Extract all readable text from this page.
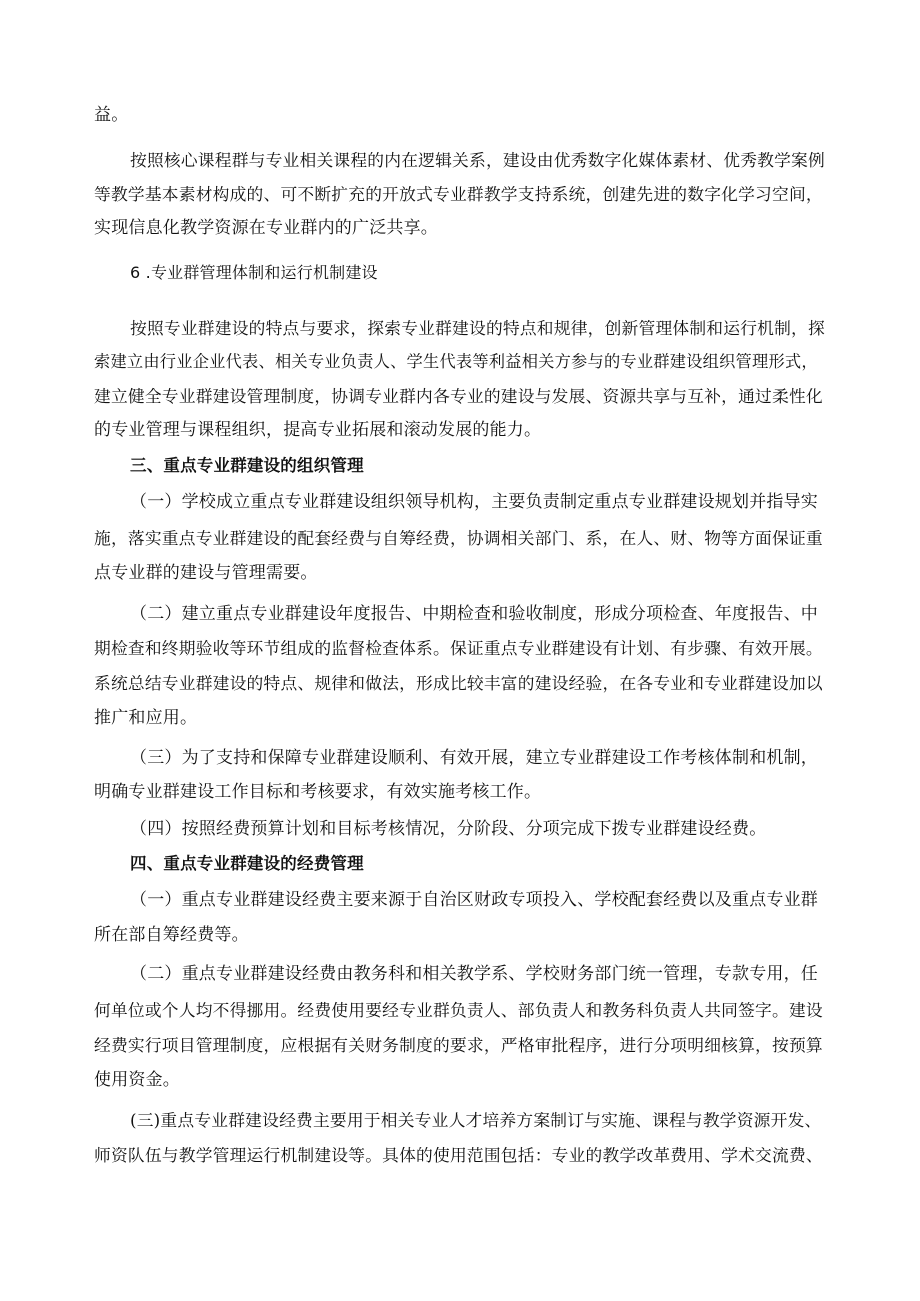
益。
按照核心课程群与专业相关课程的内在逻辑关系，建设由优秀数字化媒体素材、优秀教学案例
等教学基本素材构成的、可不断扩充的开放式专业群教学支持系统，创建先进的数字化学习空间，
实现信息化教学资源在专业群内的广泛共享。
6 .专业群管理体制和运行机制建设
按照专业群建设的特点与要求，探索专业群建设的特点和规律，创新管理体制和运行机制，探
索建立由行业企业代表、相关专业负责人、学生代表等利益相关方参与的专业群建设组织管理形式，
建立健全专业群建设管理制度，协调专业群内各专业的建设与发展、资源共享与互补，通过柔性化
的专业管理与课程组织，提高专业拓展和滚动发展的能力。
三、重点专业群建设的组织管理
（一）学校成立重点专业群建设组织领导机构，主要负责制定重点专业群建设规划并指导实
施，落实重点专业群建设的配套经费与自筹经费，协调相关部门、系，在人、财、物等方面保证重
点专业群的建设与管理需要。
（二）建立重点专业群建设年度报告、中期检查和验收制度，形成分项检查、年度报告、中
期检查和终期验收等环节组成的监督检查体系。保证重点专业群建设有计划、有步骤、有效开展。
系统总结专业群建设的特点、规律和做法，形成比较丰富的建设经验，在各专业和专业群建设加以
推广和应用。
（三）为了支持和保障专业群建设顺利、有效开展，建立专业群建设工作考核体制和机制，
明确专业群建设工作目标和考核要求，有效实施考核工作。
（四）按照经费预算计划和目标考核情况，分阶段、分项完成下拨专业群建设经费。
四、重点专业群建设的经费管理
（一）重点专业群建设经费主要来源于自治区财政专项投入、学校配套经费以及重点专业群
所在部自筹经费等。
（二）重点专业群建设经费由教务科和相关教学系、学校财务部门统一管理，专款专用，任
何单位或个人均不得挪用。经费使用要经专业群负责人、部负责人和教务科负责人共同签字。建设
经费实行项目管理制度，应根据有关财务制度的要求，严格审批程序，进行分项明细核算，按预算
使用资金。
(三)重点专业群建设经费主要用于相关专业人才培养方案制订与实施、课程与教学资源开发、
师资队伍与教学管理运行机制建设等。具体的使用范围包括：专业的教学改革费用、学术交流费、
